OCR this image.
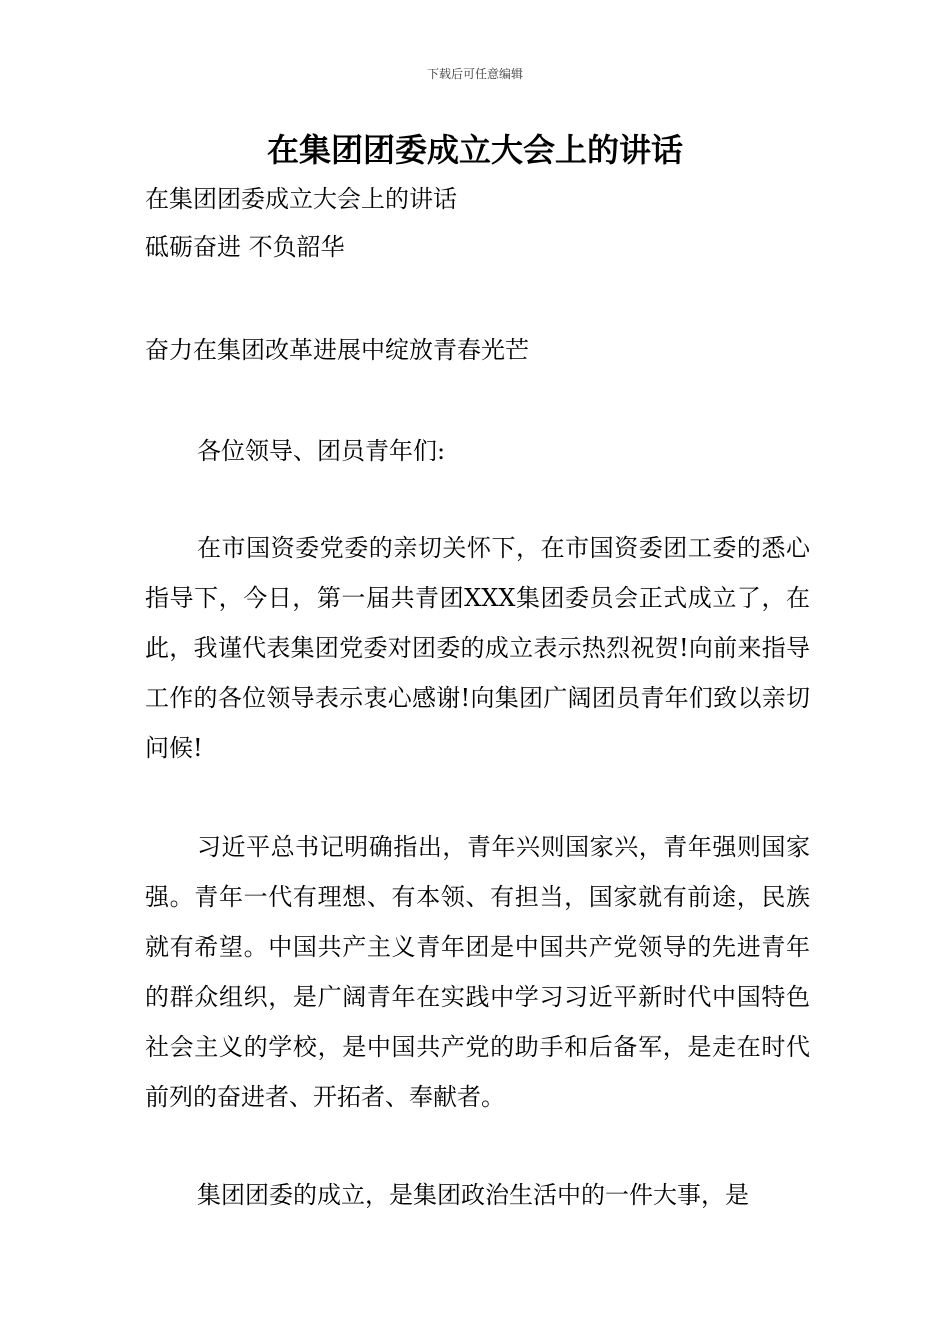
下载后可任意编辑
在集团团委成立大会上的讲话
在集团团委成立大会上的讲话
砥砺奋进 不负韶华
奋力在集团改革进展中绽放青春光芒
各位领导、团员青年们:

在市国资委党委的亲切关怀下，在市国资委团工委的悉心指导下，今日，第一届共青团XXX集团委员会正式成立了，在此，我谨代表集团党委对团委的成立表示热烈祝贺!向前来指导工作的各位领导表示衷心感谢!向集团广阔团员青年们致以亲切问候!

习近平总书记明确指出，青年兴则国家兴，青年强则国家强。青年一代有理想、有本领、有担当，国家就有前途，民族就有希望。中国共产主义青年团是中国共产党领导的先进青年的群众组织，是广阔青年在实践中学习习近平新时代中国特色社会主义的学校，是中国共产党的助手和后备军，是走在时代前列的奋进者、开拓者、奉献者。

集团团委的成立，是集团政治生活中的一件大事，是
